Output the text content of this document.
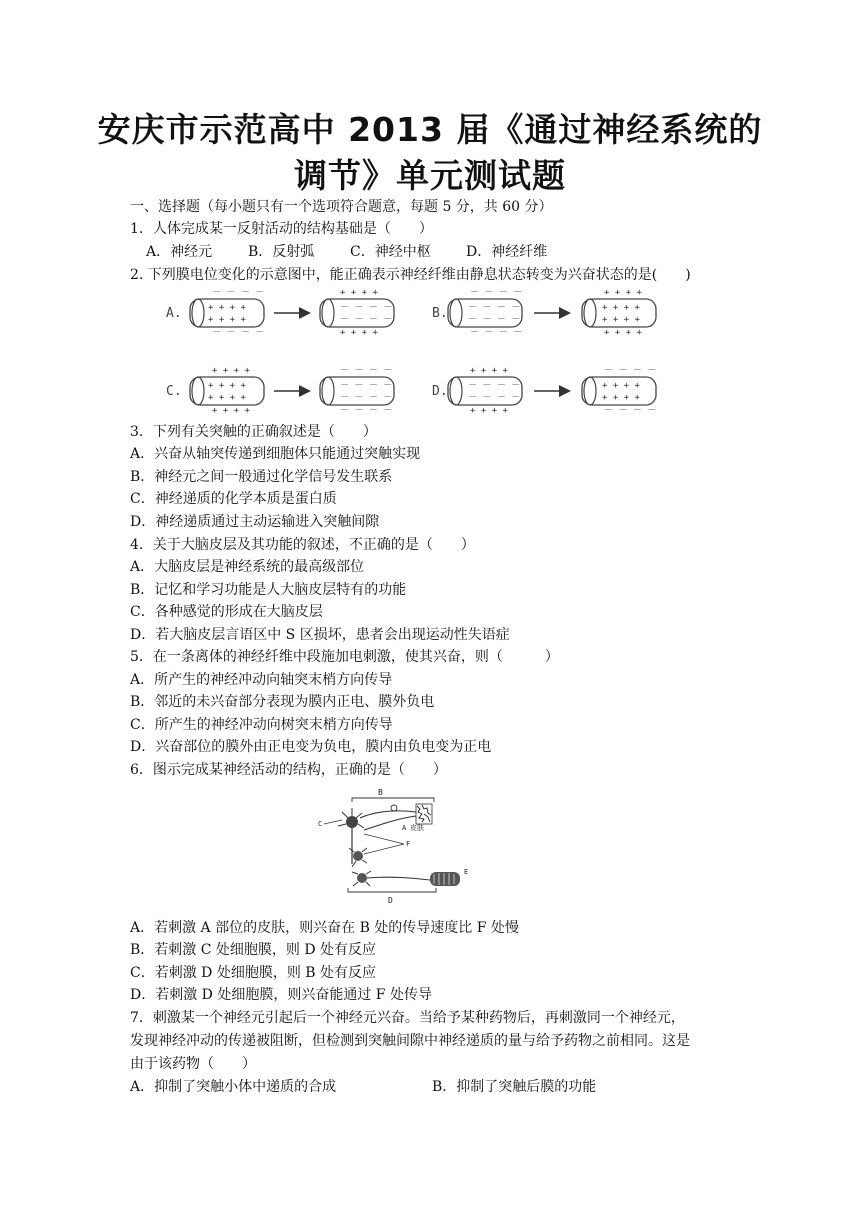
安庆市示范高中 2013 届《通过神经系统的
调节》单元测试题
一、选择题（每小题只有一个选项符合题意，每题 5 分，共 60 分）
1．人体完成某一反射活动的结构基础是（　　）
A．神经元	B．反射弧	C．神经中枢	D．神经纤维
2. 下列膜电位变化的示意图中，能正确表示神经纤维由静息状态转变为兴奋状态的是(　　)
A.
－ － － －
+ + + +
+ + + +
－ － － －
+ + + +
－ － － －
－ － － －
+ + + +
B.
－ － － －
－ － － －
－ － － －
－ － － －
+ + + +
+ + + +
+ + + +
+ + + +
C.
+ + + +
+ + + +
+ + + +
+ + + +
－ － － －
－ － － －
－ － － －
－ － － －
D.
+ + + +
－ － － －
－ － － －
+ + + +
－ － － －
+ + + +
+ + + +
－ － － －
3．下列有关突触的正确叙述是（　　）
A．兴奋从轴突传递到细胞体只能通过突触实现
B．神经元之间一般通过化学信号发生联系
C．神经递质的化学本质是蛋白质
D．神经递质通过主动运输进入突触间隙
4．关于大脑皮层及其功能的叙述，不正确的是（　　）
A．大脑皮层是神经系统的最高级部位
B．记忆和学习功能是人大脑皮层特有的功能
C．各种感觉的形成在大脑皮层
D．若大脑皮层言语区中 S 区损坏，患者会出现运动性失语症
5．在一条离体的神经纤维中段施加电刺激，使其兴奋，则（　　　）
A．所产生的神经冲动向轴突末梢方向传导
B．邻近的未兴奋部分表现为膜内正电、膜外负电
C．所产生的神经冲动向树突末梢方向传导
D．兴奋部位的膜外由正电变为负电，膜内由负电变为正电
6．图示完成某神经活动的结构，正确的是（　　）
B
A 皮肤
C
F
E
D
A．若刺激 A 部位的皮肤，则兴奋在 B 处的传导速度比 F 处慢
B．若刺激 C 处细胞膜，则 D 处有反应
C．若刺激 D 处细胞膜，则 B 处有反应
D．若刺激 D 处细胞膜，则兴奋能通过 F 处传导
7．刺激某一个神经元引起后一个神经元兴奋。当给予某种药物后，再刺激同一个神经元，
发现神经冲动的传递被阻断，但检测到突触间隙中神经递质的量与给予药物之前相同。这是
由于该药物（　　）
A．抑制了突触小体中递质的合成	B．抑制了突触后膜的功能
